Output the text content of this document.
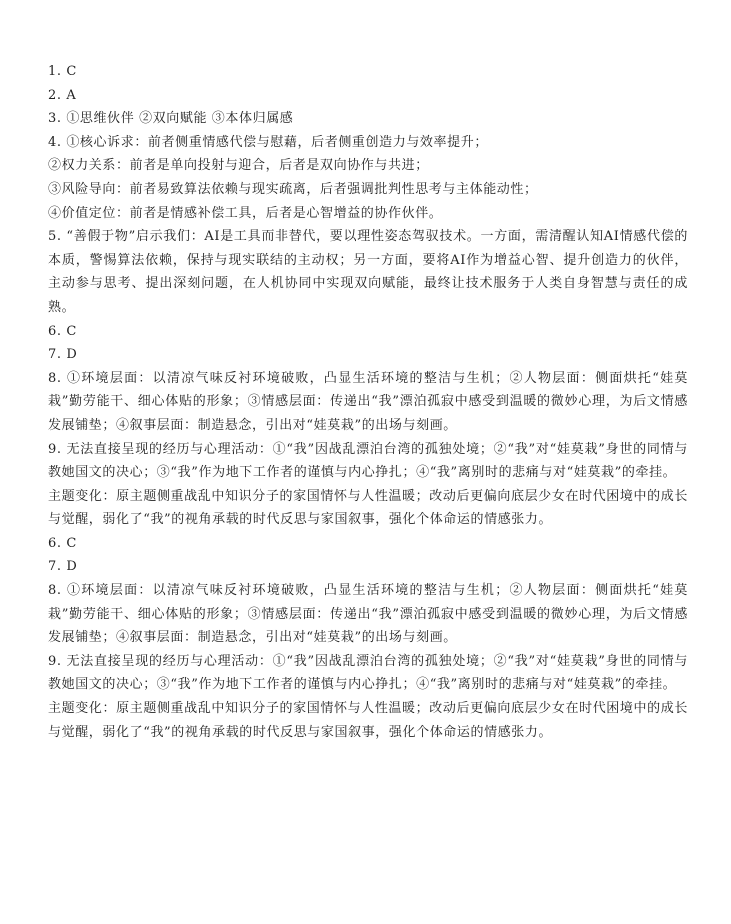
1. C

2. A

3. ①思维伙伴 ②双向赋能 ③本体归属感

4. ①核心诉求：前者侧重情感代偿与慰藉，后者侧重创造力与效率提升；

②权力关系：前者是单向投射与迎合，后者是双向协作与共进；

③风险导向：前者易致算法依赖与现实疏离，后者强调批判性思考与主体能动性；

④价值定位：前者是情感补偿工具，后者是心智增益的协作伙伴。

5. “善假于物”启示我们：AI是工具而非替代，要以理性姿态驾驭技术。一方面，需清醒认知AI情感代偿的本质，警惕算法依赖，保持与现实联结的主动权；另一方面，要将AI作为增益心智、提升创造力的伙伴，主动参与思考、提出深刻问题，在人机协同中实现双向赋能，最终让技术服务于人类自身智慧与责任的成熟。

6. C

7. D

8. ①环境层面：以清凉气味反衬环境破败，凸显生活环境的整洁与生机；②人物层面：侧面烘托“娃莫栽”勤劳能干、细心体贴的形象；③情感层面：传递出“我”漂泊孤寂中感受到温暖的微妙心理，为后文情感发展铺垫；④叙事层面：制造悬念，引出对“娃莫栽”的出场与刻画。

9. 无法直接呈现的经历与心理活动：①“我”因战乱漂泊台湾的孤独处境；②“我”对“娃莫栽”身世的同情与教她国文的决心；③“我”作为地下工作者的谨慎与内心挣扎；④“我”离别时的悲痛与对“娃莫栽”的牵挂。

主题变化：原主题侧重战乱中知识分子的家国情怀与人性温暖；改动后更偏向底层少女在时代困境中的成长与觉醒，弱化了“我”的视角承载的时代反思与家国叙事，强化个体命运的情感张力。

6. C

7. D

8. ①环境层面：以清凉气味反衬环境破败，凸显生活环境的整洁与生机；②人物层面：侧面烘托“娃莫栽”勤劳能干、细心体贴的形象；③情感层面：传递出“我”漂泊孤寂中感受到温暖的微妙心理，为后文情感发展铺垫；④叙事层面：制造悬念，引出对“娃莫栽”的出场与刻画。

9. 无法直接呈现的经历与心理活动：①“我”因战乱漂泊台湾的孤独处境；②“我”对“娃莫栽”身世的同情与教她国文的决心；③“我”作为地下工作者的谨慎与内心挣扎；④“我”离别时的悲痛与对“娃莫栽”的牵挂。

主题变化：原主题侧重战乱中知识分子的家国情怀与人性温暖；改动后更偏向底层少女在时代困境中的成长与觉醒，弱化了“我”的视角承载的时代反思与家国叙事，强化个体命运的情感张力。
